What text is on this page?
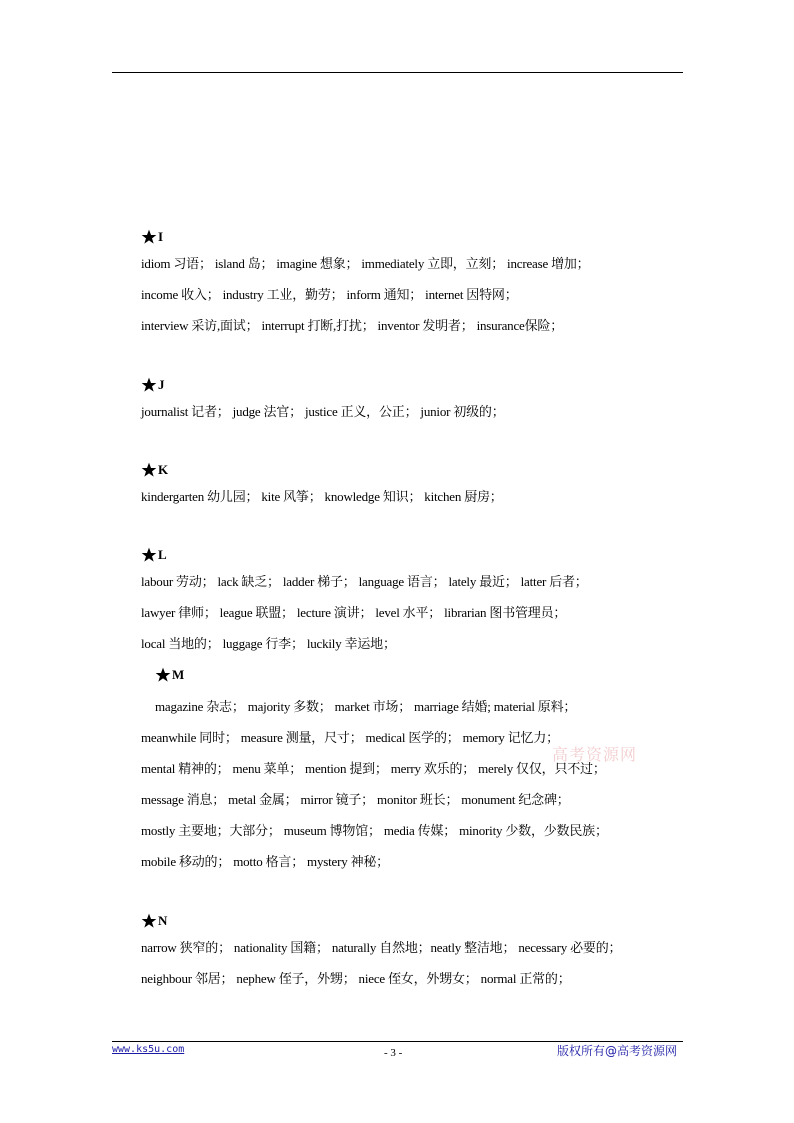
I
idiom 习语； island 岛； imagine 想象； immediately 立即，立刻； increase 增加；
income 收入； industry 工业，勤劳； inform 通知； internet 因特网；
interview 采访,面试； interrupt 打断,打扰； inventor 发明者； insurance保险；
J
journalist 记者； judge 法官； justice 正义，公正； junior 初级的；
K
kindergarten 幼儿园； kite 风筝； knowledge 知识； kitchen 厨房；
L
labour 劳动； lack 缺乏； ladder 梯子； language 语言； lately 最近； latter 后者；
lawyer 律师； league 联盟； lecture 演讲； level 水平； librarian 图书管理员；
local 当地的； luggage 行李； luckily 幸运地；
M
magazine 杂志； majority 多数； market 市场； marriage 结婚; material 原料；
meanwhile 同时； measure 测量，尺寸； medical 医学的； memory 记忆力；
mental 精神的； menu 菜单； mention 提到； merry 欢乐的； merely 仅仅，只不过；
message 消息； metal 金属； mirror 镜子； monitor 班长； monument 纪念碑；
mostly 主要地；大部分； museum 博物馆； media 传媒； minority 少数，少数民族；
mobile 移动的； motto 格言； mystery 神秘；
N
narrow 狭窄的； nationality 国籍； naturally 自然地；neatly 整洁地； necessary 必要的；
neighbour 邻居； nephew 侄子，外甥； niece 侄女，外甥女； normal 正常的；
高考资源网
www.ks5u.com	- 3 -	版权所有@高考资源网
